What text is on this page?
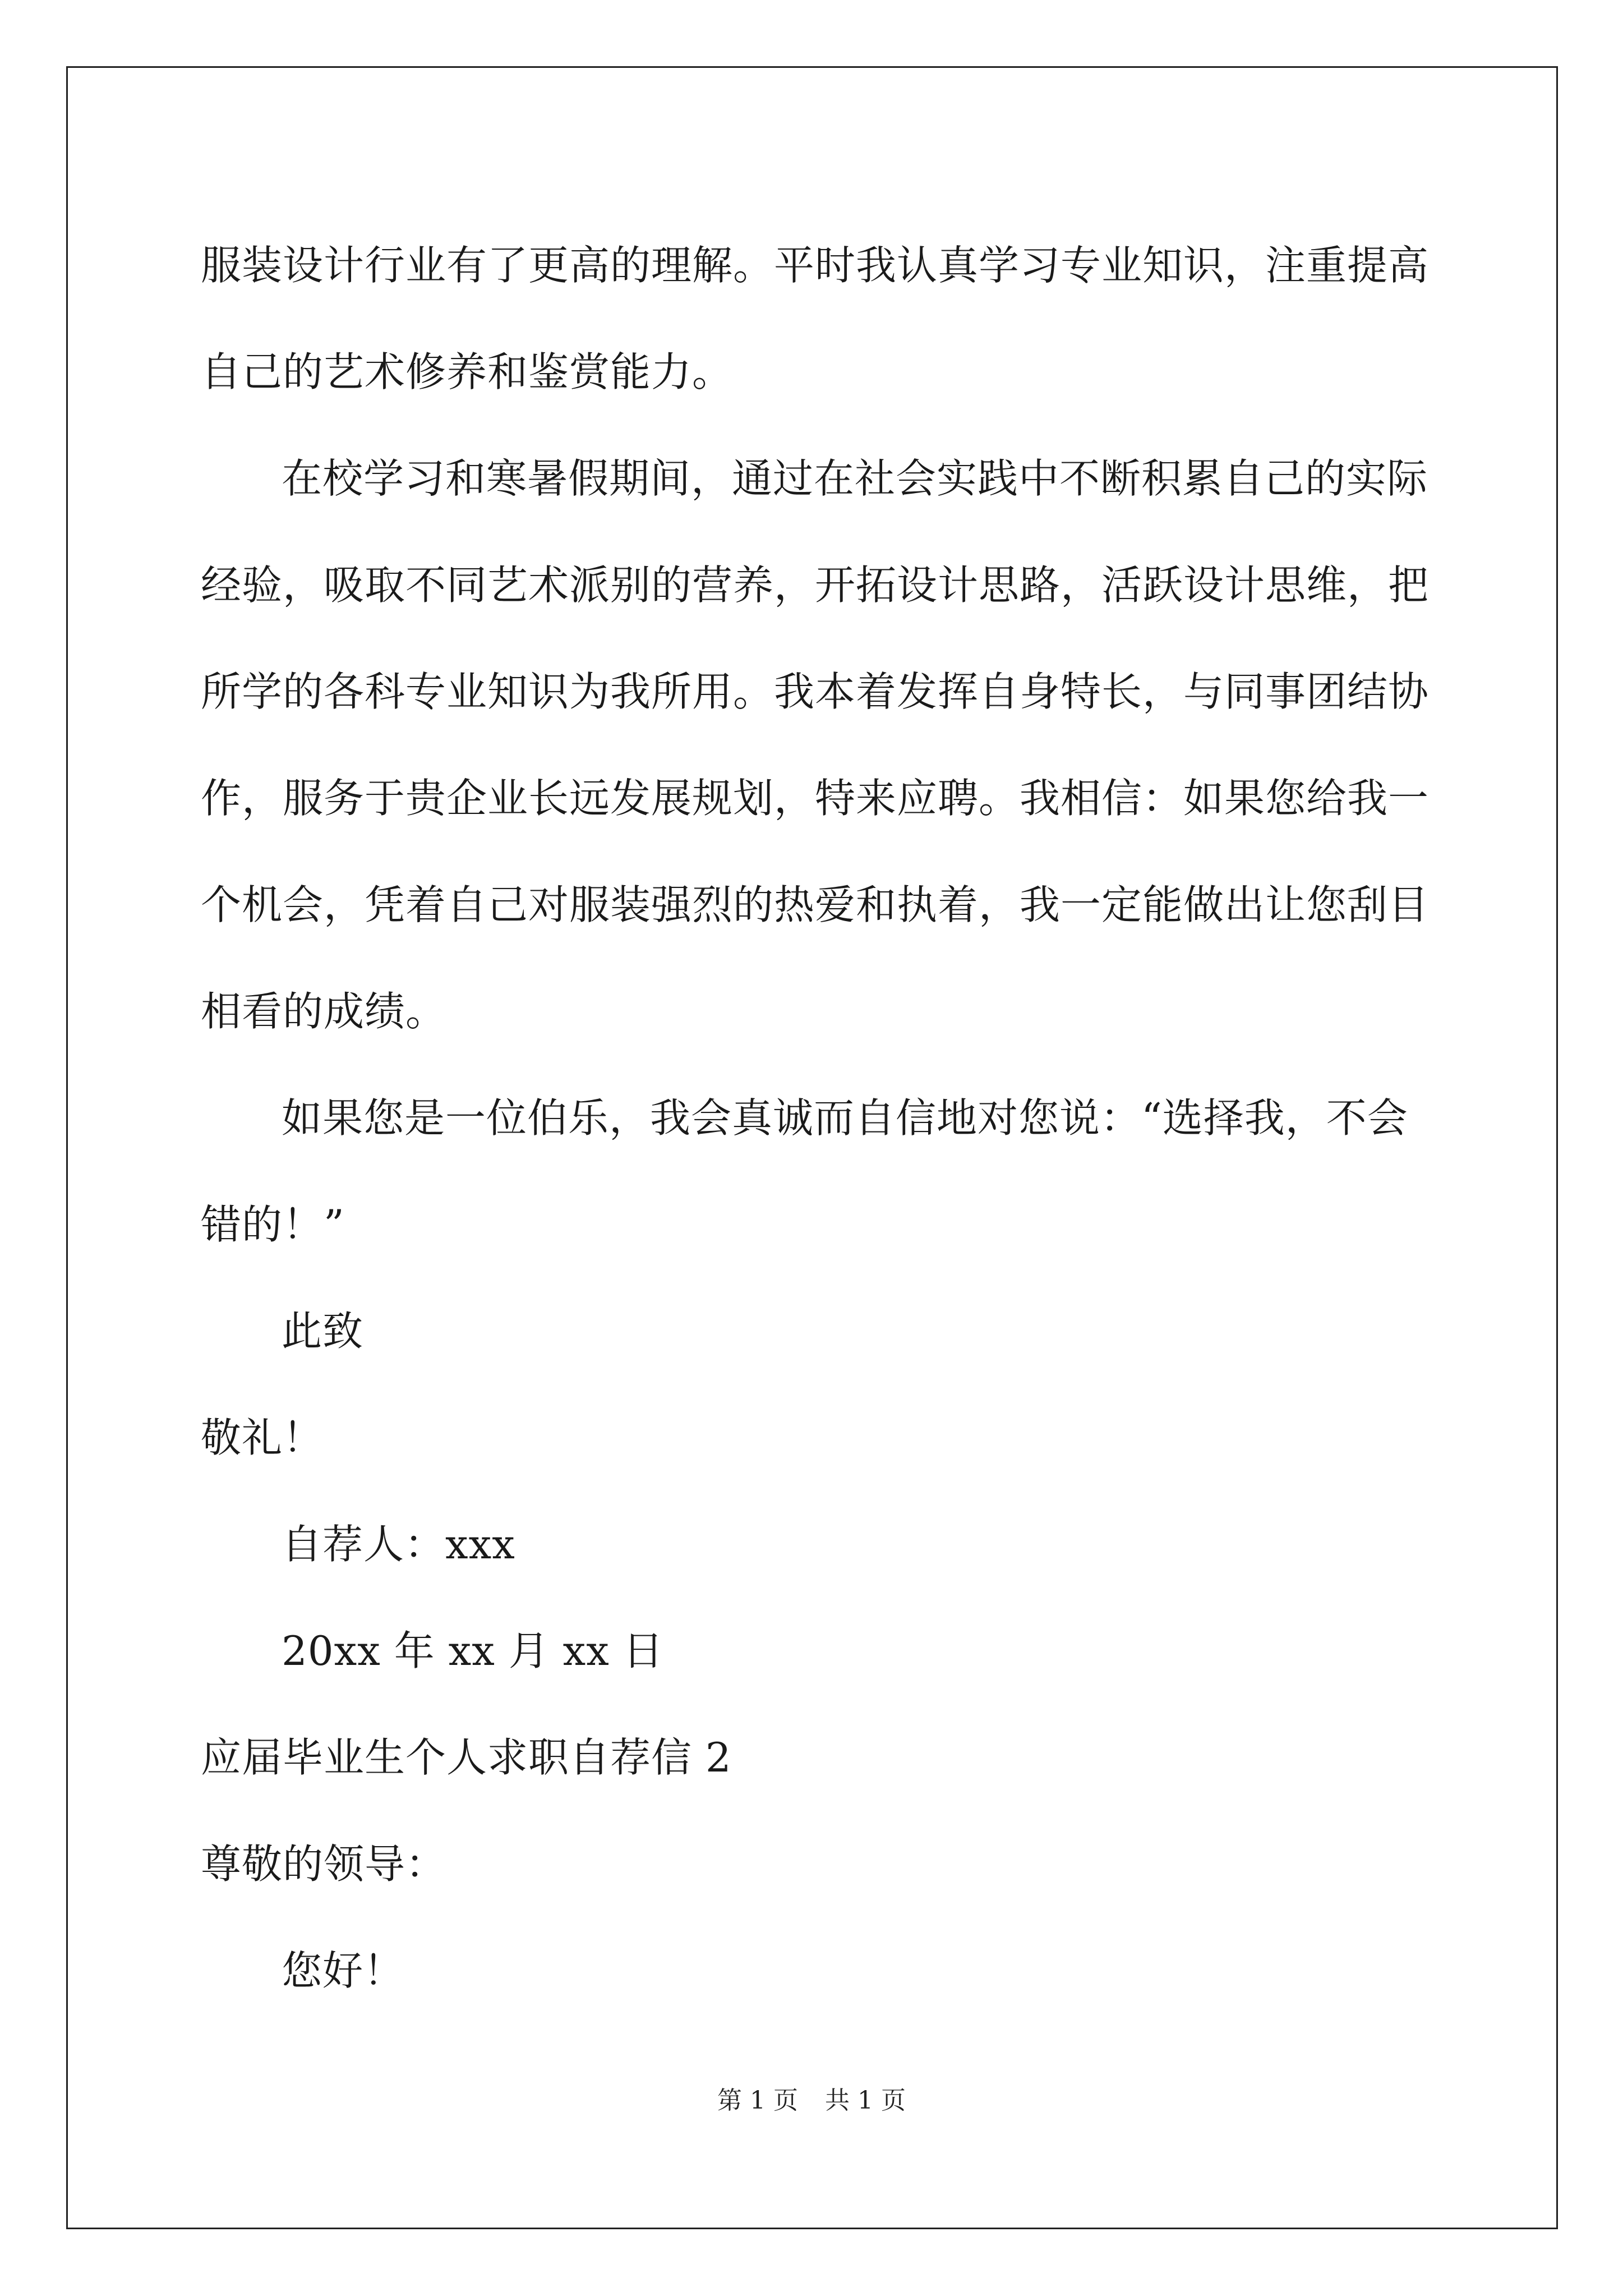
服装设计行业有了更高的理解。平时我认真学习专业知识，注重提高自己的艺术修养和鉴赏能力。

在校学习和寒暑假期间，通过在社会实践中不断积累自己的实际经验，吸取不同艺术派别的营养，开拓设计思路，活跃设计思维，把所学的各科专业知识为我所用。我本着发挥自身特长，与同事团结协作，服务于贵企业长远发展规划，特来应聘。我相信：如果您给我一个机会，凭着自己对服装强烈的热爱和执着，我一定能做出让您刮目相看的成绩。

如果您是一位伯乐，我会真诚而自信地对您说：“选择我，不会错的！”

此致

敬礼！

自荐人：xxx

20xx 年 xx 月 xx 日

应届毕业生个人求职自荐信 2

尊敬的领导：

您好！

第 1 页 共 1 页
